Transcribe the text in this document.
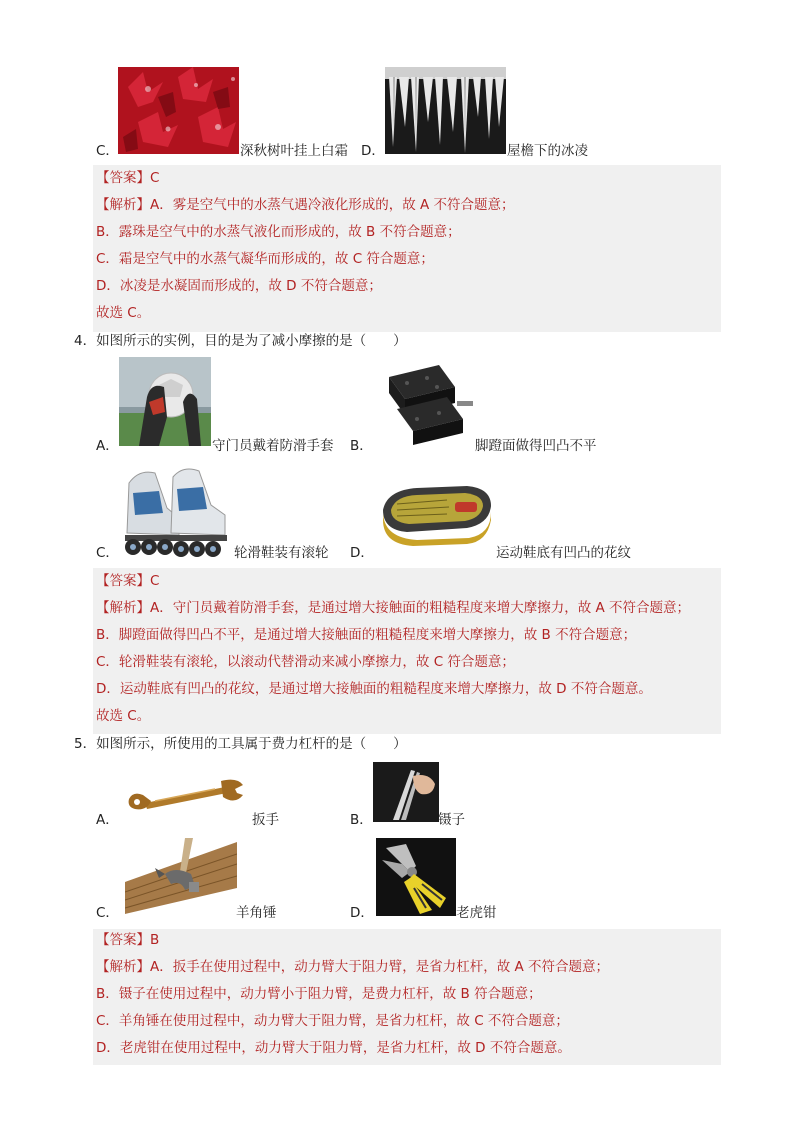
C．	深秋树叶挂上白霜 D．	屋檐下的冰凌
【答案】C
【解析】A．雾是空气中的水蒸气遇冷液化形成的，故 A 不符合题意；
B．露珠是空气中的水蒸气液化而形成的，故 B 不符合题意；
C．霜是空气中的水蒸气凝华而形成的，故 C 符合题意；
D．冰凌是水凝固而形成的，故 D 不符合题意；
故选 C。
4．如图所示的实例，目的是为了减小摩擦的是（　　）
A．	守门员戴着防滑手套 B．	脚蹬面做得凹凸不平
C．	轮滑鞋装有滚轮 D．	运动鞋底有凹凸的花纹
【答案】C
【解析】A．守门员戴着防滑手套，是通过增大接触面的粗糙程度来增大摩擦力，故 A 不符合题意；
B．脚蹬面做得凹凸不平，是通过增大接触面的粗糙程度来增大摩擦力，故 B 不符合题意；
C．轮滑鞋装有滚轮，以滚动代替滑动来减小摩擦力，故 C 符合题意；
D．运动鞋底有凹凸的花纹，是通过增大接触面的粗糙程度来增大摩擦力，故 D 不符合题意。
故选 C。
5．如图所示，所使用的工具属于费力杠杆的是（　　）
A．	扳手	B．	镊子
C．	羊角锤	D．	老虎钳
【答案】B
【解析】A．扳手在使用过程中，动力臂大于阻力臂，是省力杠杆，故 A 不符合题意；
B．镊子在使用过程中，动力臂小于阻力臂，是费力杠杆，故 B 符合题意；
C．羊角锤在使用过程中，动力臂大于阻力臂，是省力杠杆，故 C 不符合题意；
D．老虎钳在使用过程中，动力臂大于阻力臂，是省力杠杆，故 D 不符合题意。
